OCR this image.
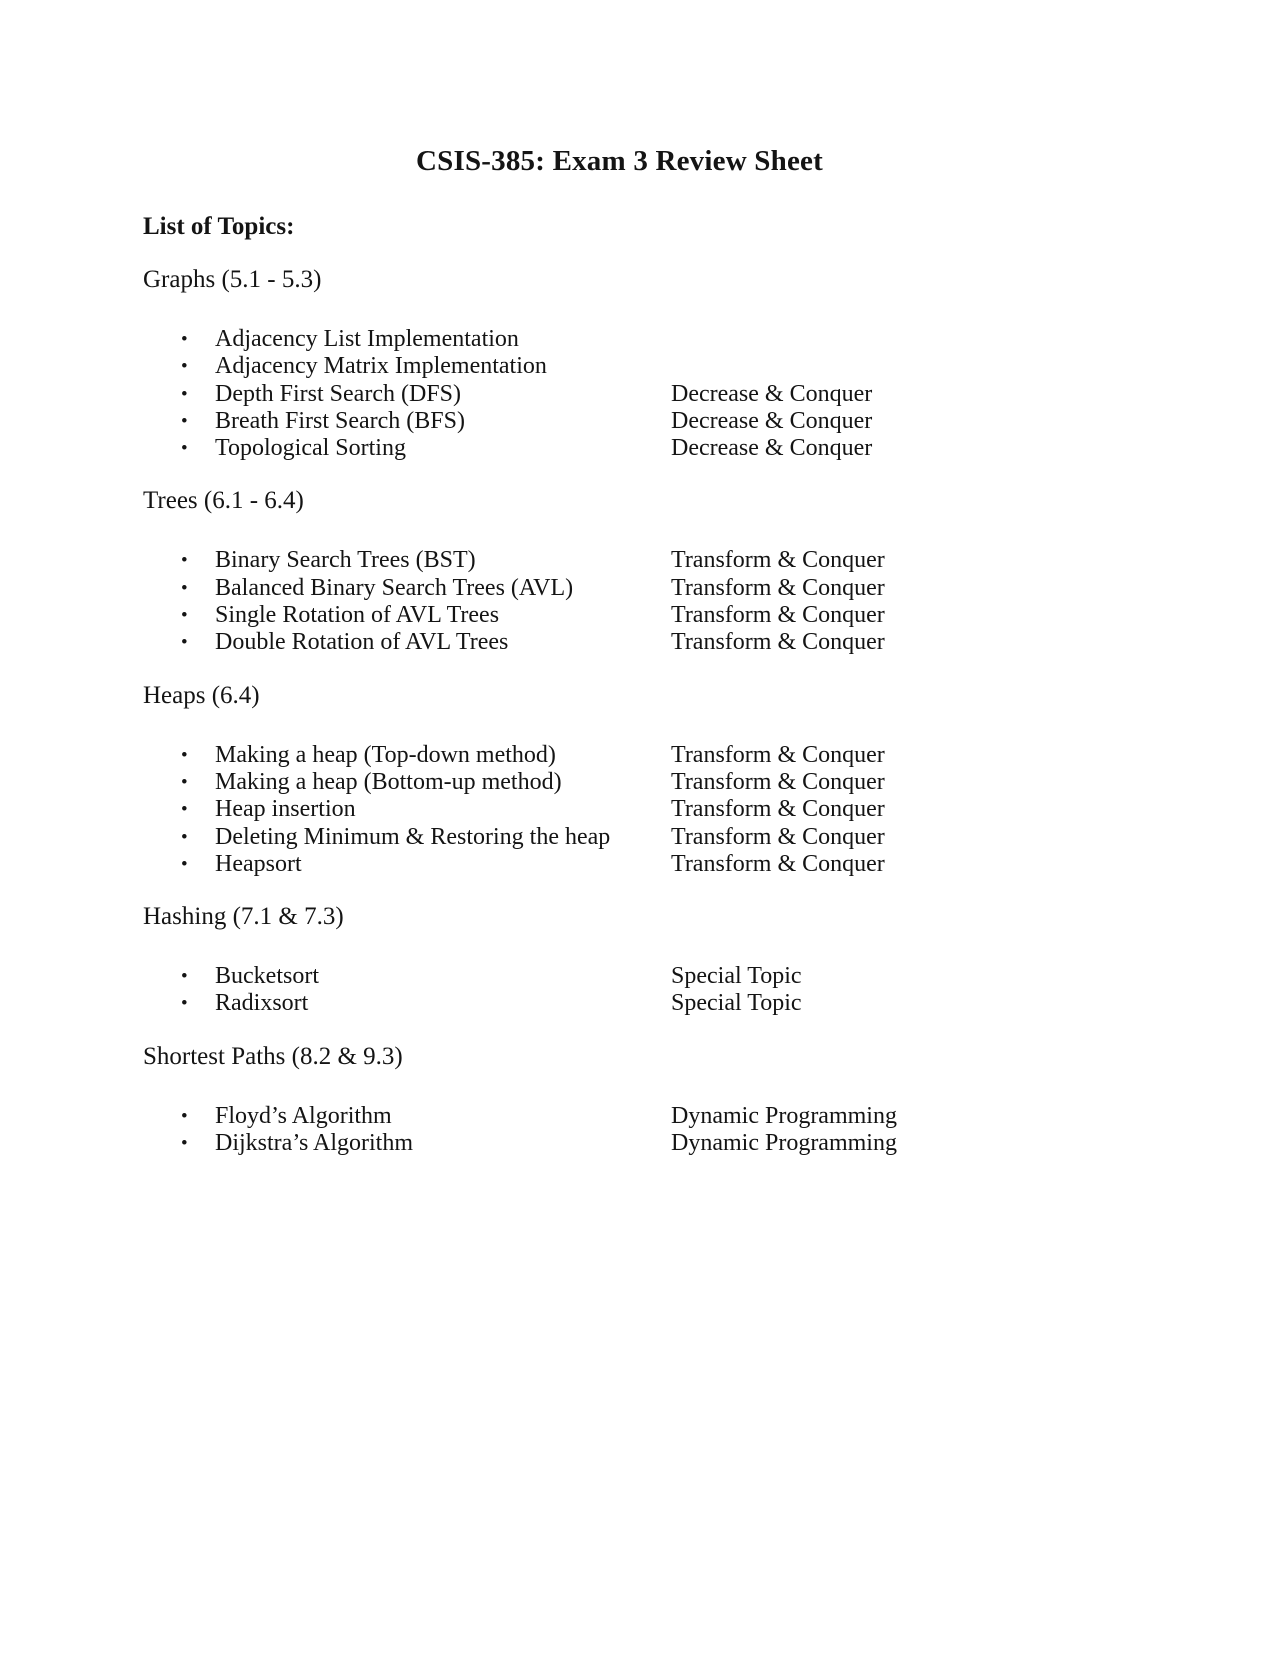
CSIS-385: Exam 3 Review Sheet
List of Topics:
Graphs (5.1 - 5.3)
• Adjacency List Implementation
• Adjacency Matrix Implementation
• Depth First Search (DFS)	Decrease & Conquer
• Breath First Search (BFS)	Decrease & Conquer
• Topological Sorting	Decrease & Conquer
Trees (6.1 - 6.4)
• Binary Search Trees (BST)	Transform & Conquer
• Balanced Binary Search Trees (AVL)	Transform & Conquer
• Single Rotation of AVL Trees	Transform & Conquer
• Double Rotation of AVL Trees	Transform & Conquer
Heaps (6.4)
• Making a heap (Top-down method)	Transform & Conquer
• Making a heap (Bottom-up method)	Transform & Conquer
• Heap insertion	Transform & Conquer
• Deleting Minimum & Restoring the heap	Transform & Conquer
• Heapsort	Transform & Conquer
Hashing (7.1 & 7.3)
• Bucketsort	Special Topic
• Radixsort	Special Topic
Shortest Paths (8.2 & 9.3)
• Floyd’s Algorithm	Dynamic Programming
• Dijkstra’s Algorithm	Dynamic Programming
